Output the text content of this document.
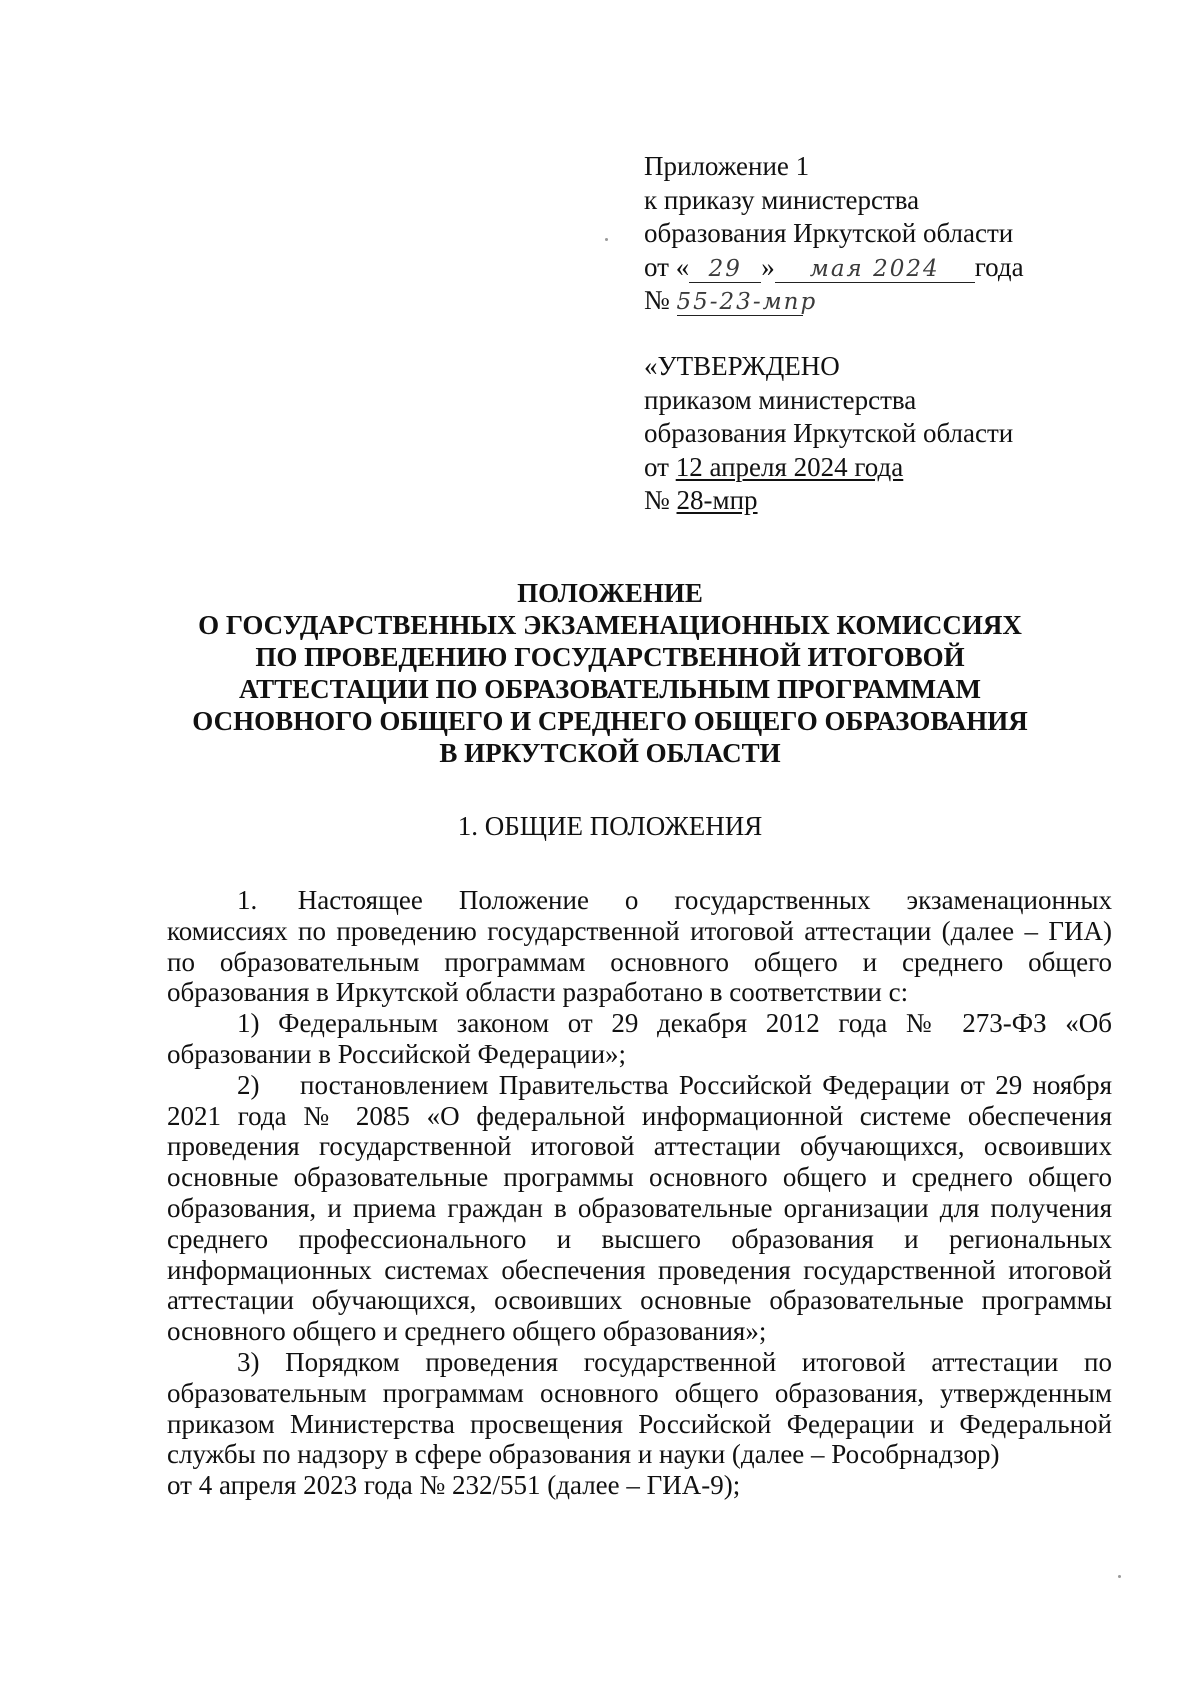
Приложение 1
к приказу министерства
образования Иркутской области
от « 29 » мая 2024 года
№ 55-23-мпр
«УТВЕРЖДЕНО
приказом министерства
образования Иркутской области
от 12 апреля 2024 года
№ 28-мпр
ПОЛОЖЕНИЕ
О ГОСУДАРСТВЕННЫХ ЭКЗАМЕНАЦИОННЫХ КОМИССИЯХ
ПО ПРОВЕДЕНИЮ ГОСУДАРСТВЕННОЙ ИТОГОВОЙ
АТТЕСТАЦИИ ПО ОБРАЗОВАТЕЛЬНЫМ ПРОГРАММАМ
ОСНОВНОГО ОБЩЕГО И СРЕДНЕГО ОБЩЕГО ОБРАЗОВАНИЯ
В ИРКУТСКОЙ ОБЛАСТИ
1. ОБЩИЕ ПОЛОЖЕНИЯ

1.  Настоящее Положение о государственных экзаменационных комиссиях по проведению государственной итоговой аттестации (далее – ГИА) по образовательным программам основного общего и среднего общего образования в Иркутской области разработано в соответствии с:

1) Федеральным законом от 29 декабря 2012 года № 273-ФЗ «Об образовании в Российской Федерации»;

2)  постановлением Правительства Российской Федерации от 29 ноября 2021 года № 2085 «О федеральной информационной системе обеспечения проведения государственной итоговой аттестации обучающихся, освоивших основные образовательные программы основного общего и среднего общего образования, и приема граждан в образовательные организации для получения среднего профессионального и высшего образования и региональных информационных системах обеспечения проведения государственной итоговой аттестации обучающихся, освоивших основные образовательные программы основного общего и среднего общего образования»;

3) Порядком проведения государственной итоговой аттестации по образовательным программам основного общего образования, утвержденным приказом Министерства просвещения Российской Федерации и Федеральной службы по надзору в сфере образования и науки (далее – Рособрнадзор)

от 4 апреля 2023 года № 232/551 (далее – ГИА-9);
